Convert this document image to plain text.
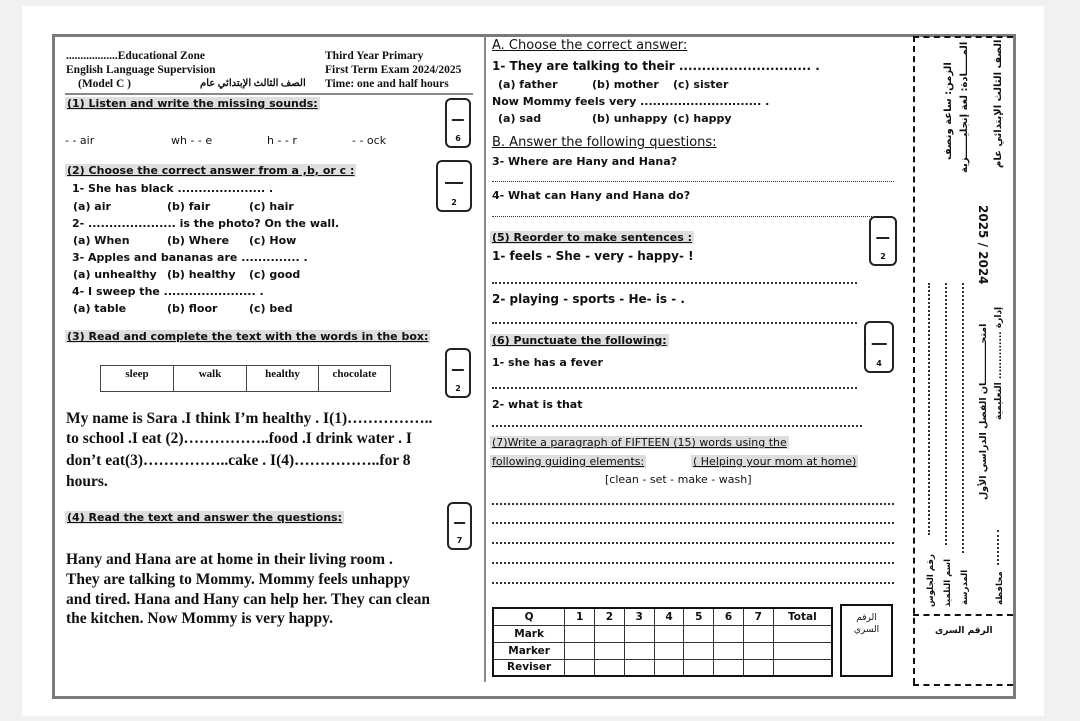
..................Educational Zone
English Language Supervision
(Model C )	الصف الثالث الإبتدائي عام
Third Year Primary
First Term Exam 2024/2025
Time: one and half hours
(1) Listen and write the missing sounds:
- - air	wh - - e	h - - r	- - ock	6
(2) Choose the correct answer from a ,b, or c :
2
1- She has black ..................... .
(a) air	(b) fair	(c) hair
2- ..................... is the photo? On the wall.
(a) When	(b) Where (c) How
3- Apples and bananas are .............. .
(a) unhealthy (b) healthy (c) good
4- I sweep the ...................... .
(a) table	(b) floor	(c) bed
(3) Read and complete the text with the words in the box:
sleep	walk	healthy	chocolate
2
My name is Sara .I think I’m healthy . I(1)……………..
to school .I eat (2)……………..food .I drink water . I
don’t eat(3)……………..cake . I(4)……………..for 8
hours.
(4) Read the text and answer the questions:
7
Hany and Hana are at home in their living room .
They are talking to Mommy. Mommy feels unhappy
and tired. Hana and Hany can help her. They can clean
the kitchen. Now Mommy is very happy.
A. Choose the correct answer:
1- They are talking to their ............................. .
(a) father	(b) mother (c) sister
Now Mommy feels very ............................. .
(a) sad	(b) unhappy (c) happy
B. Answer the following questions:
3- Where are Hany and Hana?
4- What can Hany and Hana do?
(5) Reorder to make sentences :
2
1- feels - She - very - happy- !
2- playing - sports - He- is - .
(6) Punctuate the following:
4
1- she has a fever
2- what is that
(7)Write a paragraph of FIFTEEN (15) words using the
following guiding elements:	( Helping your mom at home)
[clean - set - make - wash]
Q	1	2	3	4	5	6	7	Total
Mark								
Marker								
Reviser								
الرقم
السري
الصف الثالث الإبتدائي عام
المـــــادة: لغة إنجليــــــزية
الزمن: ساعة ونصف
2025 / 2024
إدارة .............. التعليمية
امتحــــــــــــان الفصل الدراسي الأول
محافظة
المدرسة
اسم التلميذ
رقم الجلوس
الرقم السرى
